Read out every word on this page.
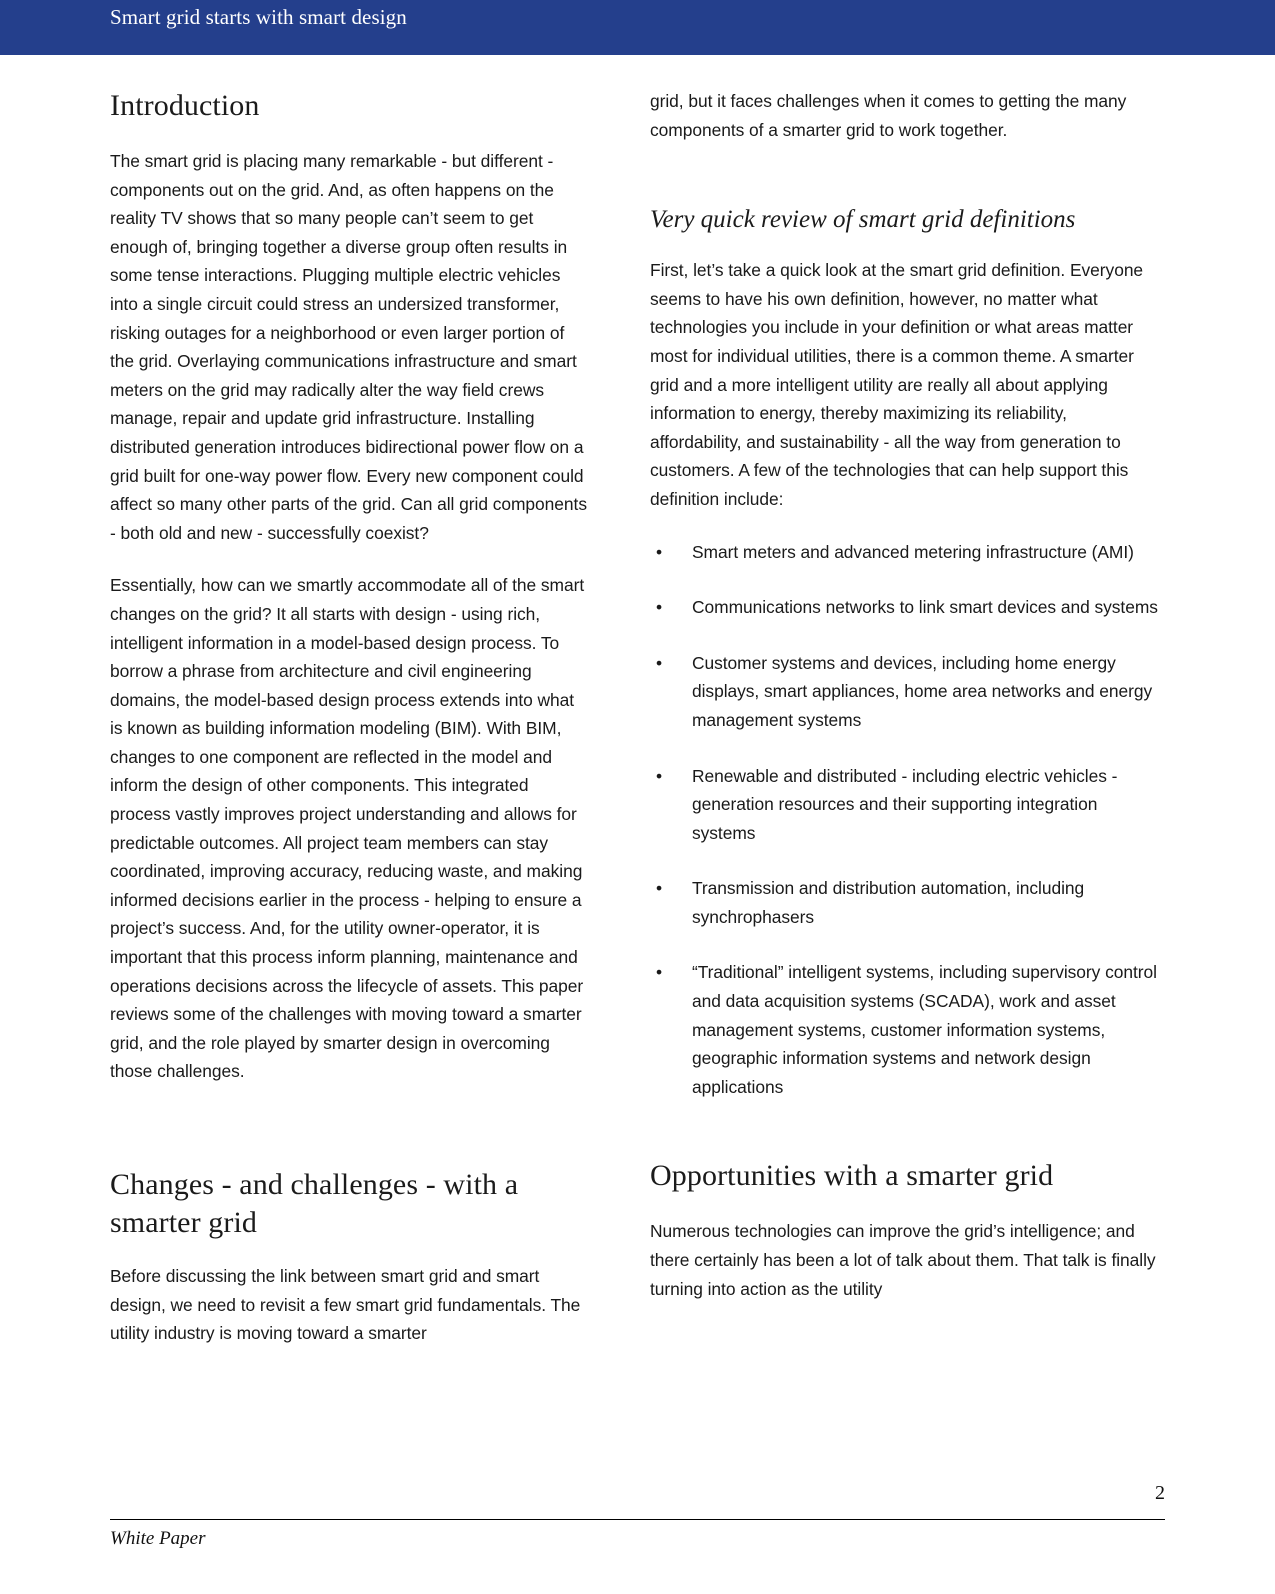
Smart grid starts with smart design
Introduction

The smart grid is placing many remarkable - but different - components out on the grid. And, as often happens on the reality TV shows that so many people can’t seem to get enough of, bringing together a diverse group often results in some tense interactions. Plugging multiple electric vehicles into a single circuit could stress an undersized transformer, risking outages for a neighborhood or even larger portion of the grid. Overlaying communications infrastructure and smart meters on the grid may radically alter the way field crews manage, repair and update grid infrastructure. Installing distributed generation introduces bidirectional power flow on a grid built for one-way power flow. Every new component could affect so many other parts of the grid. Can all grid components - both old and new - successfully coexist?

Essentially, how can we smartly accommodate all of the smart changes on the grid? It all starts with design - using rich, intelligent information in a model-based design process. To borrow a phrase from architecture and civil engineering domains, the model-based design process extends into what is known as building information modeling (BIM). With BIM, changes to one component are reflected in the model and inform the design of other components. This integrated process vastly improves project understanding and allows for predictable outcomes. All project team members can stay coordinated, improving accuracy, reducing waste, and making informed decisions earlier in the process - helping to ensure a project’s success. And, for the utility owner-operator, it is important that this process inform planning, maintenance and operations decisions across the lifecycle of assets. This paper reviews some of the challenges with moving toward a smarter grid, and the role played by smarter design in overcoming those challenges.

Changes - and challenges - with a smarter grid

Before discussing the link between smart grid and smart design, we need to revisit a few smart grid fundamentals. The utility industry is moving toward a smarter

grid, but it faces challenges when it comes to getting the many components of a smarter grid to work together.

Very quick review of smart grid definitions

First, let’s take a quick look at the smart grid definition. Everyone seems to have his own definition, however, no matter what technologies you include in your definition or what areas matter most for individual utilities, there is a common theme. A smarter grid and a more intelligent utility are really all about applying information to energy, thereby maximizing its reliability, affordability, and sustainability - all the way from generation to customers. A few of the technologies that can help support this definition include:

• Smart meters and advanced metering infrastructure (AMI)
• Communications networks to link smart devices and systems
• Customer systems and devices, including home energy displays, smart appliances, home area networks and energy management systems
• Renewable and distributed - including electric vehicles - generation resources and their supporting integration systems
• Transmission and distribution automation, including synchrophasers
• “Traditional” intelligent systems, including supervisory control and data acquisition systems (SCADA), work and asset management systems, customer information systems, geographic information systems and network design applications
Opportunities with a smarter grid

Numerous technologies can improve the grid’s intelligence; and there certainly has been a lot of talk about them. That talk is finally turning into action as the utility

2
White Paper
